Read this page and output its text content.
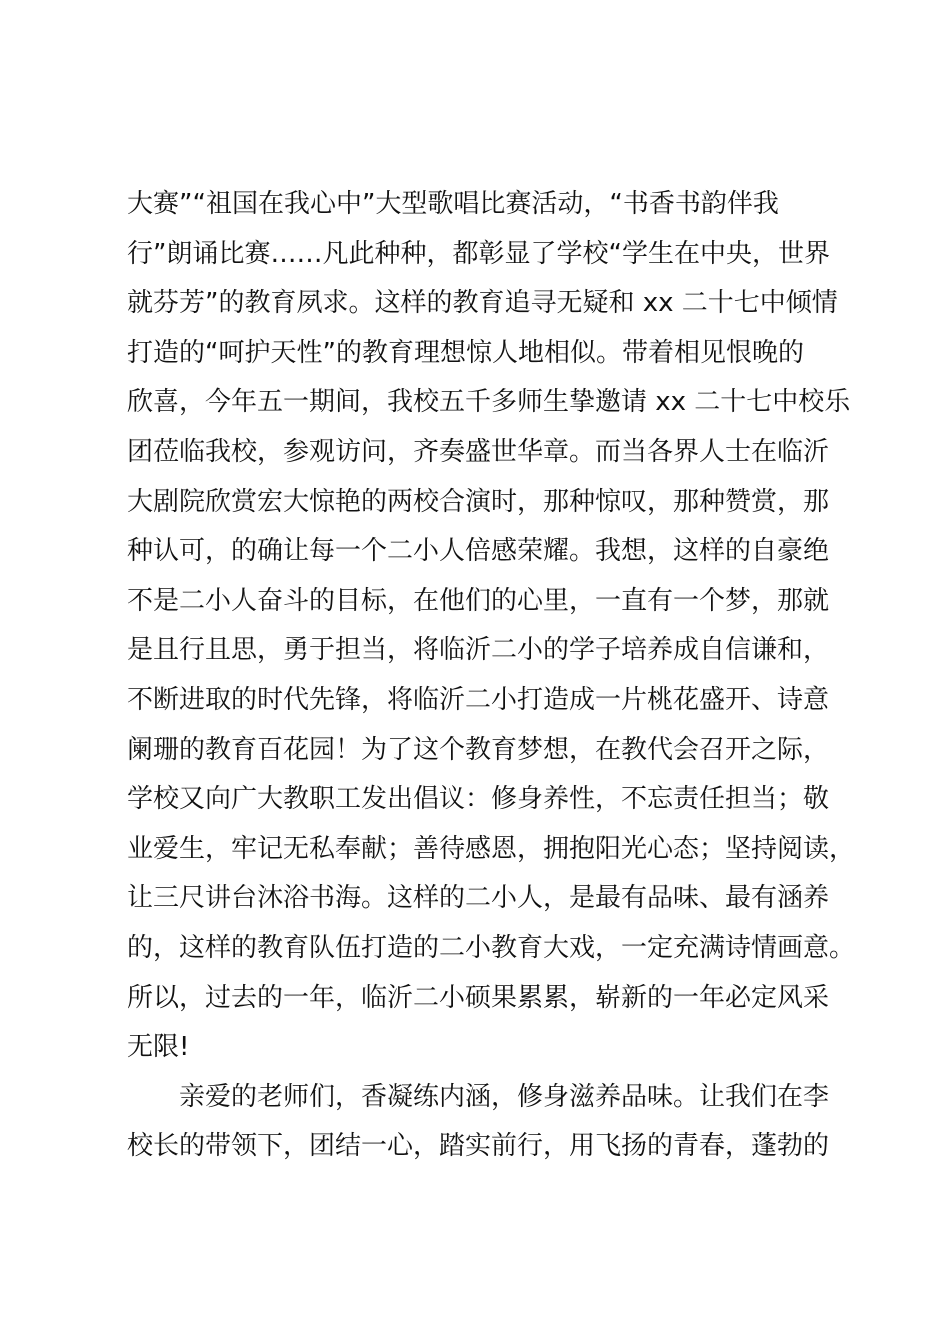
大赛”“祖国在我心中”大型歌唱比赛活动，“书香书韵伴我
行”朗诵比赛……凡此种种，都彰显了学校“学生在中央，世界
就芬芳”的教育夙求。这样的教育追寻无疑和 xx 二十七中倾情
打造的“呵护天性”的教育理想惊人地相似。带着相见恨晚的
欣喜，今年五一期间，我校五千多师生挚邀请 xx 二十七中校乐
团莅临我校，参观访问，齐奏盛世华章。而当各界人士在临沂
大剧院欣赏宏大惊艳的两校合演时，那种惊叹，那种赞赏，那
种认可，的确让每一个二小人倍感荣耀。我想，这样的自豪绝
不是二小人奋斗的目标，在他们的心里，一直有一个梦，那就
是且行且思，勇于担当，将临沂二小的学子培养成自信谦和，
不断进取的时代先锋，将临沂二小打造成一片桃花盛开、诗意
阑珊的教育百花园！为了这个教育梦想，在教代会召开之际，
学校又向广大教职工发出倡议：修身养性，不忘责任担当；敬
业爱生，牢记无私奉献；善待感恩，拥抱阳光心态；坚持阅读，
让三尺讲台沐浴书海。这样的二小人，是最有品味、最有涵养
的，这样的教育队伍打造的二小教育大戏，一定充满诗情画意。
所以，过去的一年，临沂二小硕果累累，崭新的一年必定风采
无限!
亲爱的老师们，香凝练内涵，修身滋养品味。让我们在李
校长的带领下，团结一心，踏实前行，用飞扬的青春，蓬勃的
